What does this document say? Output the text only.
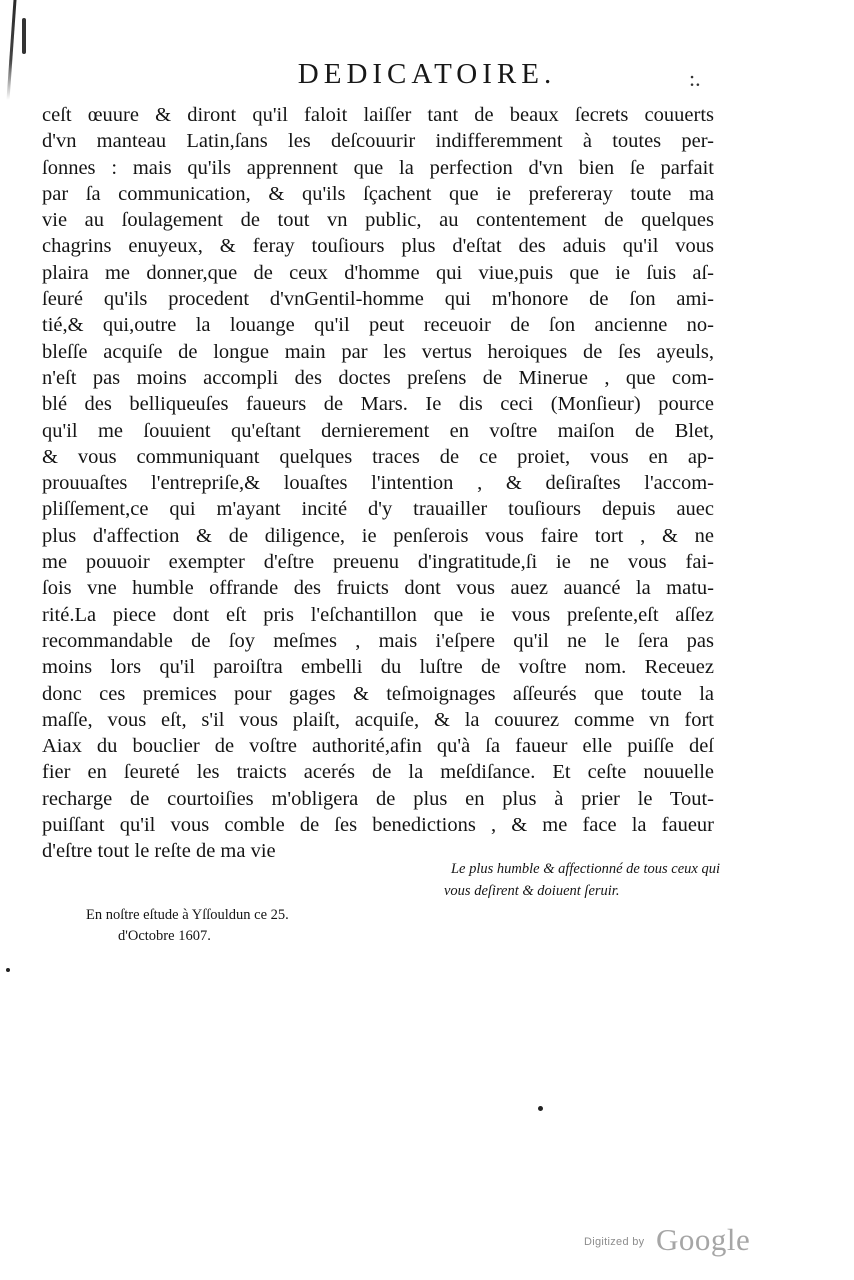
DEDICATOIRE.	:.
ceſt œuure & diront qu'il faloit laiſſer tant de beaux ſecrets couuerts
d'vn manteau Latin,ſans les deſcouurir indifferemment à toutes per-
ſonnes : mais qu'ils apprennent que la perfection d'vn bien ſe parfait
par ſa communication, & qu'ils ſçachent que ie prefereray toute ma
vie au ſoulagement de tout vn public, au contentement de quelques
chagrins enuyeux, & feray touſiours plus d'eſtat des aduis qu'il vous
plaira me donner,que de ceux d'homme qui viue,puis que ie ſuis aſ-
ſeuré qu'ils procedent d'vnGentil-homme qui m'honore de ſon ami-
tié,& qui,outre la louange qu'il peut receuoir de ſon ancienne no-
bleſſe acquiſe de longue main par les vertus heroiques de ſes ayeuls,
n'eſt pas moins accompli des doctes preſens de Minerue , que com-
blé des belliqueuſes faueurs de Mars. Ie dis ceci (Monſieur) pource
qu'il me ſouuient qu'eſtant dernierement en voſtre maiſon de Blet,
& vous communiquant quelques traces de ce proiet, vous en ap-
prouuaſtes l'entrepriſe,& louaſtes l'intention , & deſiraſtes l'accom-
pliſſement,ce qui m'ayant incité d'y trauailler touſiours depuis auec
plus d'affection & de diligence, ie penſerois vous faire tort , & ne
me pouuoir exempter d'eſtre preuenu d'ingratitude,ſi ie ne vous fai-
ſois vne humble offrande des fruicts dont vous auez auancé la matu-
rité.La piece dont eſt pris l'eſchantillon que ie vous preſente,eſt aſſez
recommandable de ſoy meſmes , mais i'eſpere qu'il ne le ſera pas
moins lors qu'il paroiſtra embelli du luſtre de voſtre nom. Receuez
donc ces premices pour gages & teſmoignages aſſeurés que toute la
maſſe, vous eſt, s'il vous plaiſt, acquiſe, & la couurez comme vn fort
Aiax du bouclier de voſtre authorité,afin qu'à ſa faueur elle puiſſe deſ
fier en ſeureté les traicts acerés de la meſdiſance. Et ceſte nouuelle
recharge de courtoiſies m'obligera de plus en plus à prier le Tout-
puiſſant qu'il vous comble de ſes benedictions , & me face la faueur
d'eſtre tout le reſte de ma vie
Le plus humble & affectionné de tous ceux qui
vous deſirent & doiuent ſeruir.
En noſtre eſtude à Yſſouldun ce 25.
d'Octobre 1607.
Digitized by Google
